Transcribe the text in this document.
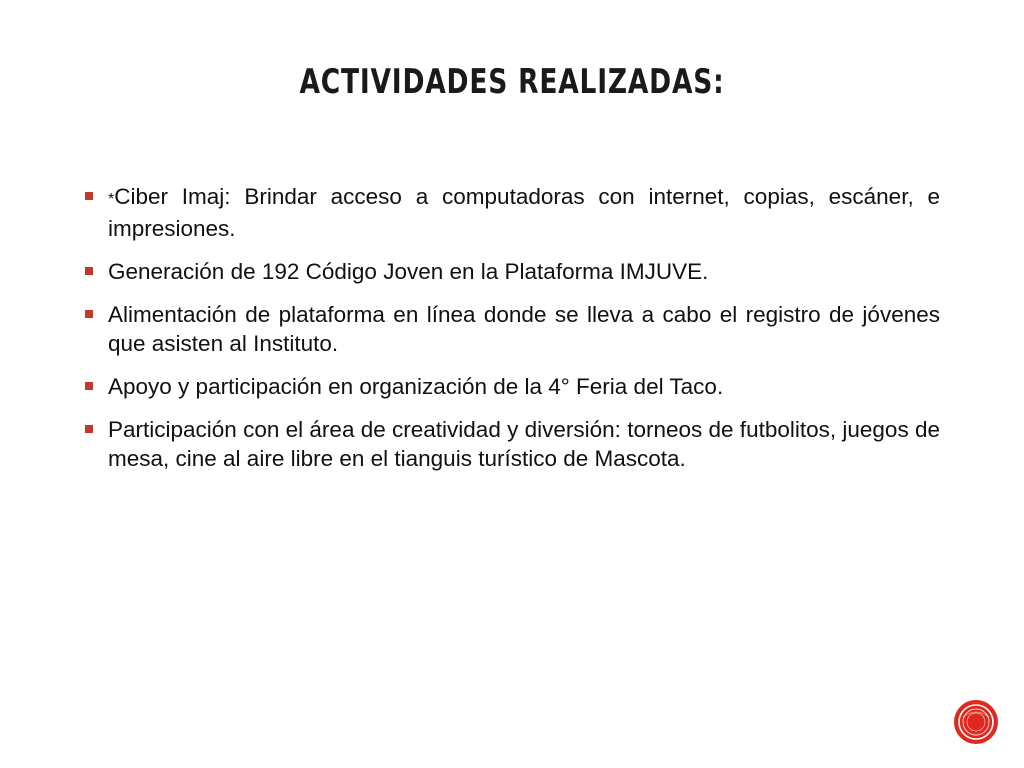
ACTIVIDADES REALIZADAS:
*Ciber Imaj: Brindar acceso a computadoras con internet, copias, escáner, e impresiones.
Generación de 192 Código Joven en la Plataforma IMJUVE.
Alimentación de plataforma en línea donde se lleva a cabo el registro de jóvenes que asisten al Instituto.
Apoyo y participación en organización de la 4° Feria del Taco.
Participación con el área de creatividad y diversión: torneos de futbolitos, juegos de mesa, cine al aire libre en el tianguis turístico de Mascota.
